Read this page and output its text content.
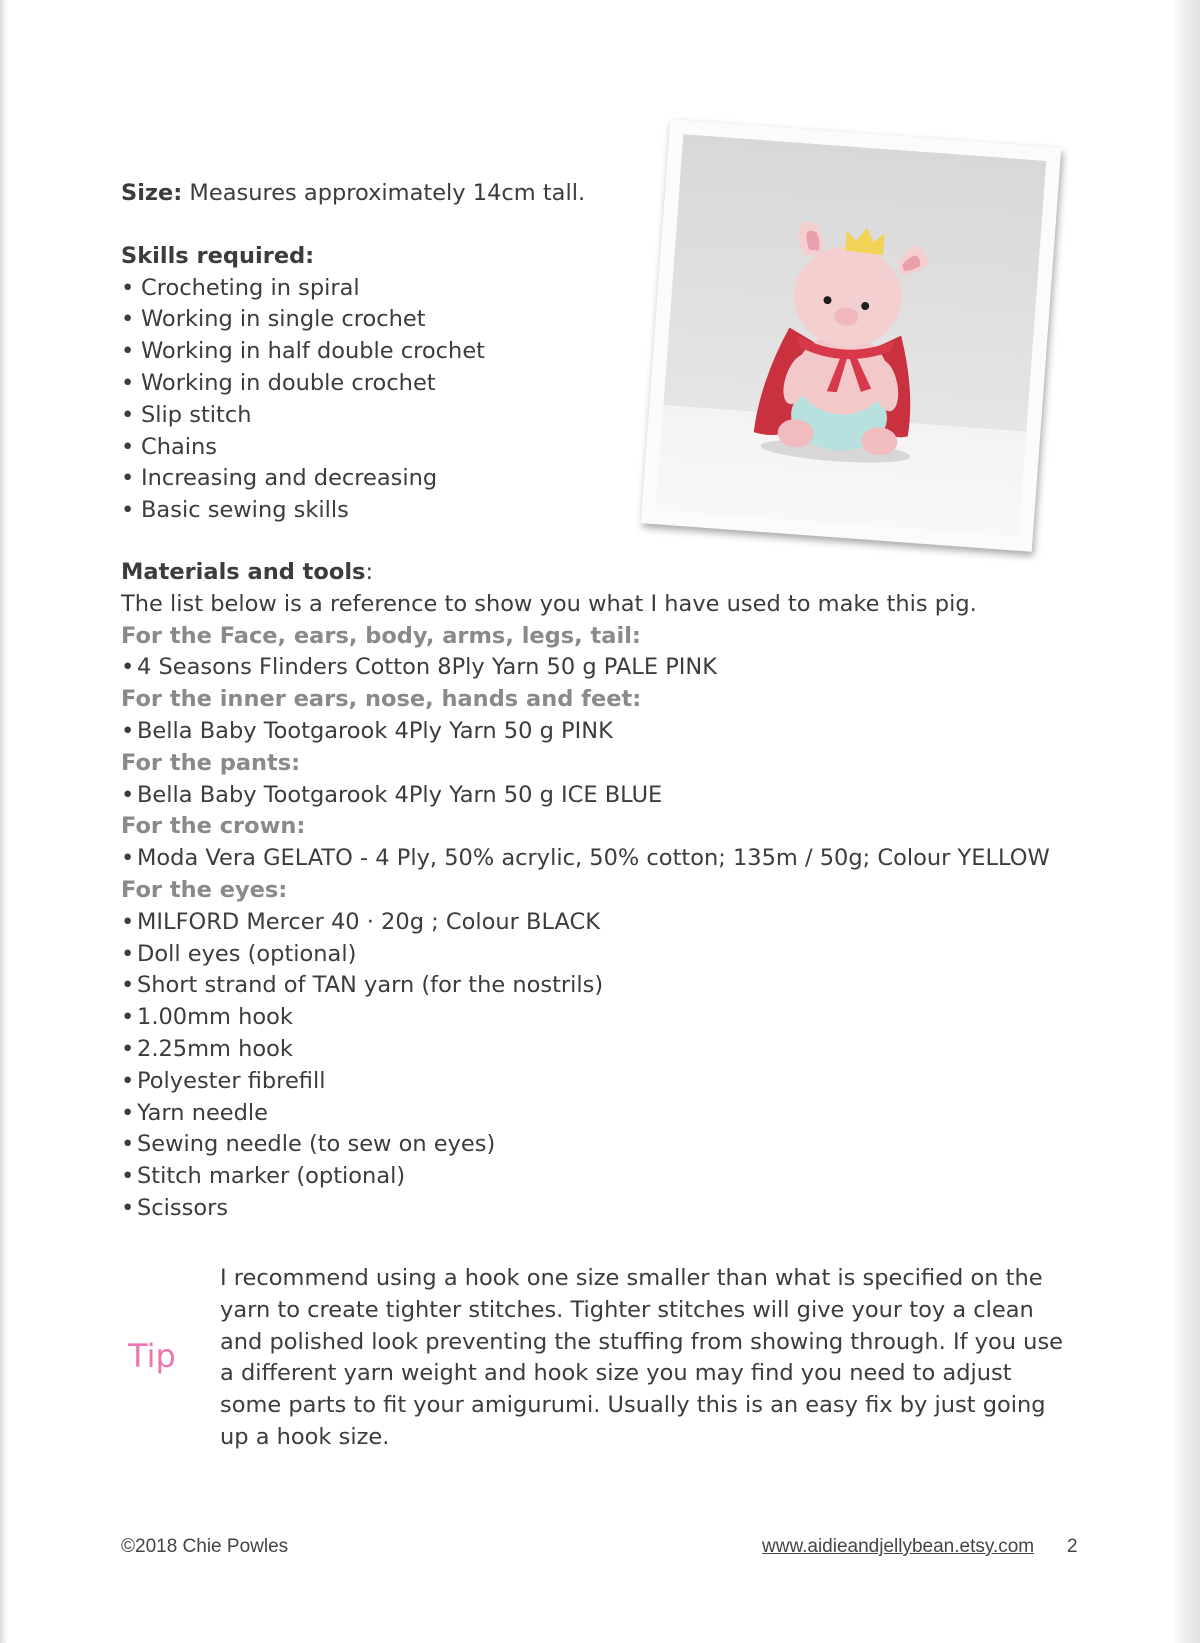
Size: Measures approximately 14cm tall.
Skills required:
• Crocheting in spiral
• Working in single crochet
• Working in half double crochet
• Working in double crochet
• Slip stitch
• Chains
• Increasing and decreasing
• Basic sewing skills
Materials and tools:
The list below is a reference to show you what I have used to make this pig.
For the Face, ears, body, arms, legs, tail:
• 4 Seasons Flinders Cotton 8Ply Yarn 50 g PALE PINK
For the inner ears, nose, hands and feet:
• Bella Baby Tootgarook 4Ply Yarn 50 g PINK
For the pants:
• Bella Baby Tootgarook 4Ply Yarn 50 g ICE BLUE
For the crown:
• Moda Vera GELATO - 4 Ply, 50% acrylic, 50% cotton; 135m / 50g; Colour YELLOW
For the eyes:
• MILFORD Mercer 40 · 20g ; Colour BLACK
• Doll eyes (optional)
• Short strand of TAN yarn (for the nostrils)
• 1.00mm hook
• 2.25mm hook
• Polyester fibrefill
• Yarn needle
• Sewing needle (to sew on eyes)
• Stitch marker (optional)
• Scissors
Tip
I recommend using a hook one size smaller than what is specified on the
yarn to create tighter stitches. Tighter stitches will give your toy a clean
and polished look preventing the stuffing from showing through. If you use
a different yarn weight and hook size you may find you need to adjust
some parts to fit your amigurumi. Usually this is an easy fix by just going
up a hook size.
©2018 Chie Powles	www.aidieandjellybean.etsy.com 2
